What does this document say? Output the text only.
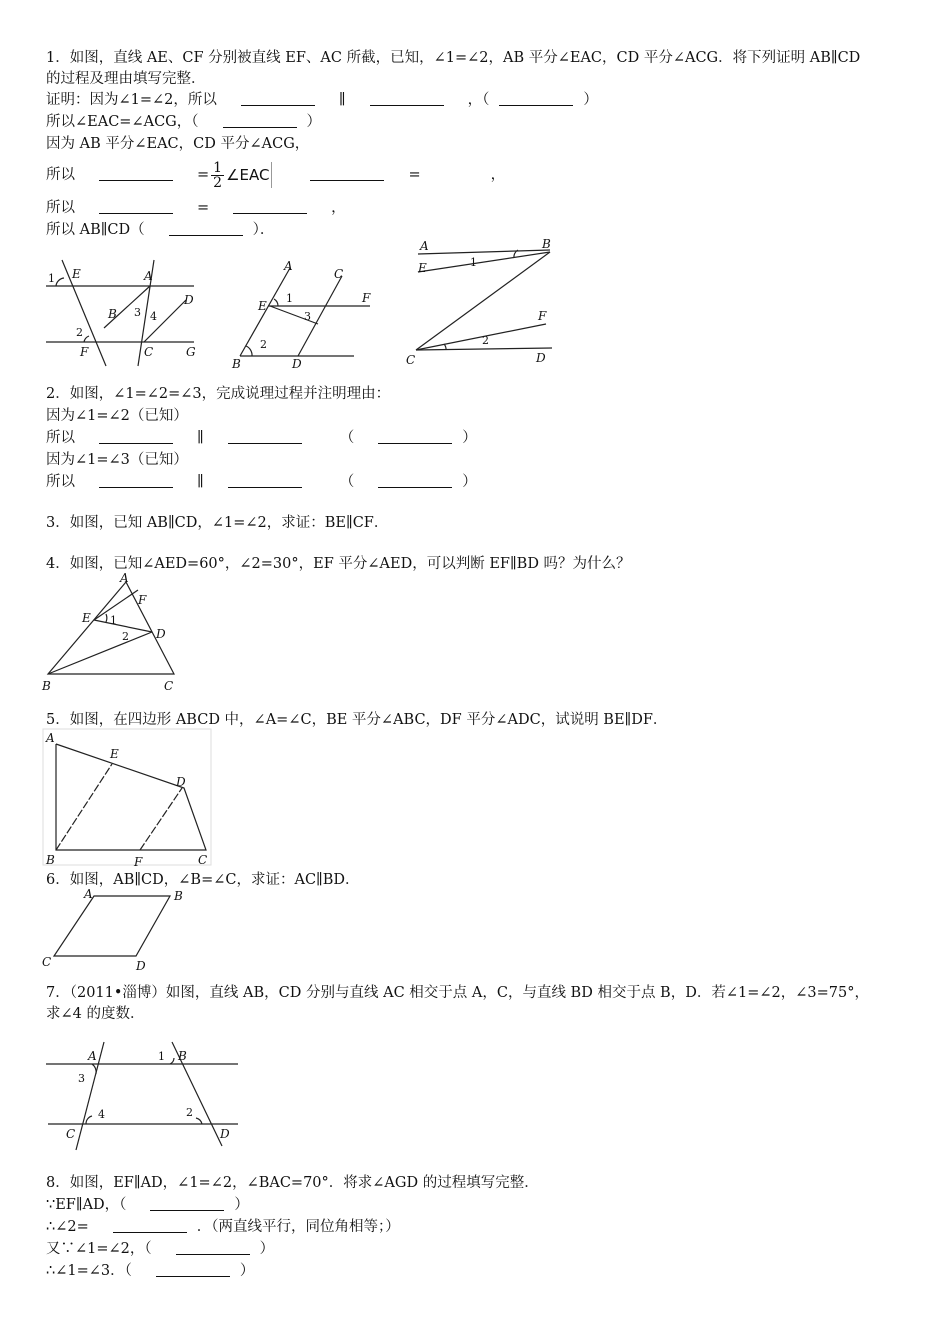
1．如图，直线 AE、CF 分别被直线 EF、AC 所截，已知，∠1=∠2，AB 平分∠EAC，CD 平分∠ACG．将下列证明 AB∥CD
的过程及理由填写完整．
证明：因为∠1=∠2，所以	∥	，（	）
所以∠EAC=∠ACG，（	）
因为 AB 平分∠EAC，CD 平分∠ACG，
所以	= $\frac{1}{2}$ ∠EAC	=	，
所以	=	，
所以 AB∥CD（	）．
1 E	A
B 3 4
D
2
F	C	G
A
C
E
1	F
3
2
B	D
A	B
E	1
F
2
C	D
2．如图，∠1=∠2=∠3，完成说理过程并注明理由：
因为∠1=∠2（已知）
所以	∥	（	）
因为∠1=∠3（已知）
所以	∥	（	）
3．如图，已知 AB∥CD，∠1=∠2，求证：BE∥CF．
4．如图，已知∠AED=60°，∠2=30°，EF 平分∠AED，可以判断 EF∥BD 吗？为什么？
A
F
E 1
2 D
B	C
5．如图，在四边形 ABCD 中，∠A=∠C，BE 平分∠ABC，DF 平分∠ADC，试说明 BE∥DF．
A
E
D
B	F	C
6．如图，AB∥CD，∠B=∠C，求证：AC∥BD．
A	B
C	D
7．（2011•淄博）如图，直线 AB，CD 分别与直线 AC 相交于点 A，C，与直线 BD 相交于点 B，D．若∠1=∠2，∠3=75°，
求∠4 的度数．
A	1 B
3
4	2
C	D
8．如图，EF∥AD，∠1=∠2，∠BAC=70°．将求∠AGD 的过程填写完整．
∵EF∥AD，（	）
∴∠2=	．（两直线平行，同位角相等；）
又∵∠1=∠2，（	）
∴∠1=∠3．（	）
